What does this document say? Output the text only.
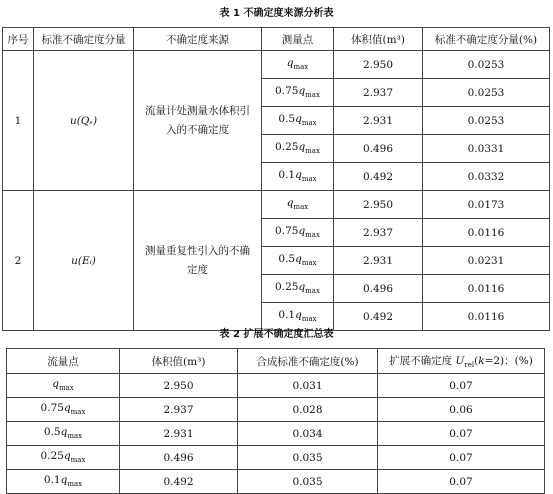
表 1 不确定度来源分析表
序号	标准不确定度分量	不确定度来源	测量点	体积值(m³)	标准不确定度分量(%)
1	u(Qₛ)	流量计处测量水体积引入的不确定度	$q_{max}$	2.950	0.0253
			$0.75q_{max}$	2.937	0.0253
			$0.5q_{max}$	2.931	0.0253
			$0.25q_{max}$	0.496	0.0331
			$0.1q_{max}$	0.492	0.0332
2	u(Eᵢ)	测量重复性引入的不确定度	$q_{max}$	2.950	0.0173
			$0.75q_{max}$	2.937	0.0116
			$0.5q_{max}$	2.931	0.0231
			$0.25q_{max}$	0.496	0.0116
			$0.1q_{max}$	0.492	0.0116
表 2 扩展不确定度汇总表
流量点	体积值(m³)	合成标准不确定度(%)	扩展不确定度 $U_{rel}(k=2)$：(%)
$q_{max}$	2.950	0.031	0.07
$0.75q_{max}$	2.937	0.028	0.06
$0.5q_{max}$	2.931	0.034	0.07
$0.25q_{max}$	0.496	0.035	0.07
$0.1q_{max}$	0.492	0.035	0.07
